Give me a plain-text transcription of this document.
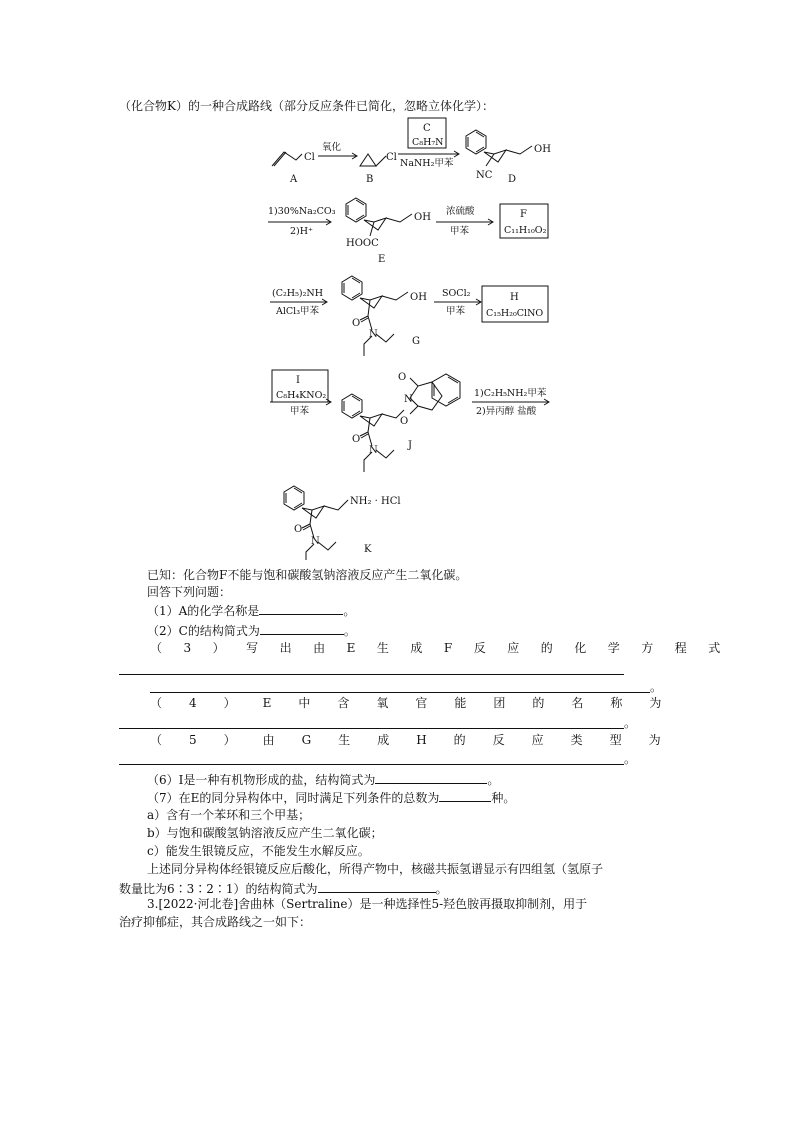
（化合物K）的一种合成路线（部分反应条件已简化，忽略立体化学）：
A
Cl
氧化
B
Cl
C
C₈H₇N
NaNH₂甲苯
NC
OH
D
1)30%Na₂CO₃
2)H⁺
HOOC
OH
E
浓硫酸
甲苯
F
C₁₁H₁₀O₂
(C₂H₅)₂NH
AlCl₃甲苯
O
N
OH
G
SOCl₂
甲苯
H
C₁₅H₂₀ClNO
I
C₈H₄KNO₂
甲苯
O
N
N
O
O
J
1)C₂H₅NH₂甲苯
2)异丙醇 盐酸
NH₂ · HCl
O
N
K
已知：化合物F不能与饱和碳酸氢钠溶液反应产生二氧化碳。
回答下列问题：
（1）A的化学名称是	。
（2）C的结构简式为	。
（3）写出由E生成F反应的化学方程式
。
（4）E中含氧官能团的名称为
。
（5）由G生成H的反应类型为
。
（6）I是一种有机物形成的盐，结构简式为	。
（7）在E的同分异构体中，同时满足下列条件的总数为	种。
a）含有一个苯环和三个甲基；
b）与饱和碳酸氢钠溶液反应产生二氧化碳；
c）能发生银镜反应，不能发生水解反应。
上述同分异构体经银镜反应后酸化，所得产物中，核磁共振氢谱显示有四组氢（氢原子
数量比为6∶3∶2∶1）的结构简式为	。
3.[2022·河北卷]舍曲林（Sertraline）是一种选择性5-羟色胺再摄取抑制剂，用于
治疗抑郁症，其合成路线之一如下：
